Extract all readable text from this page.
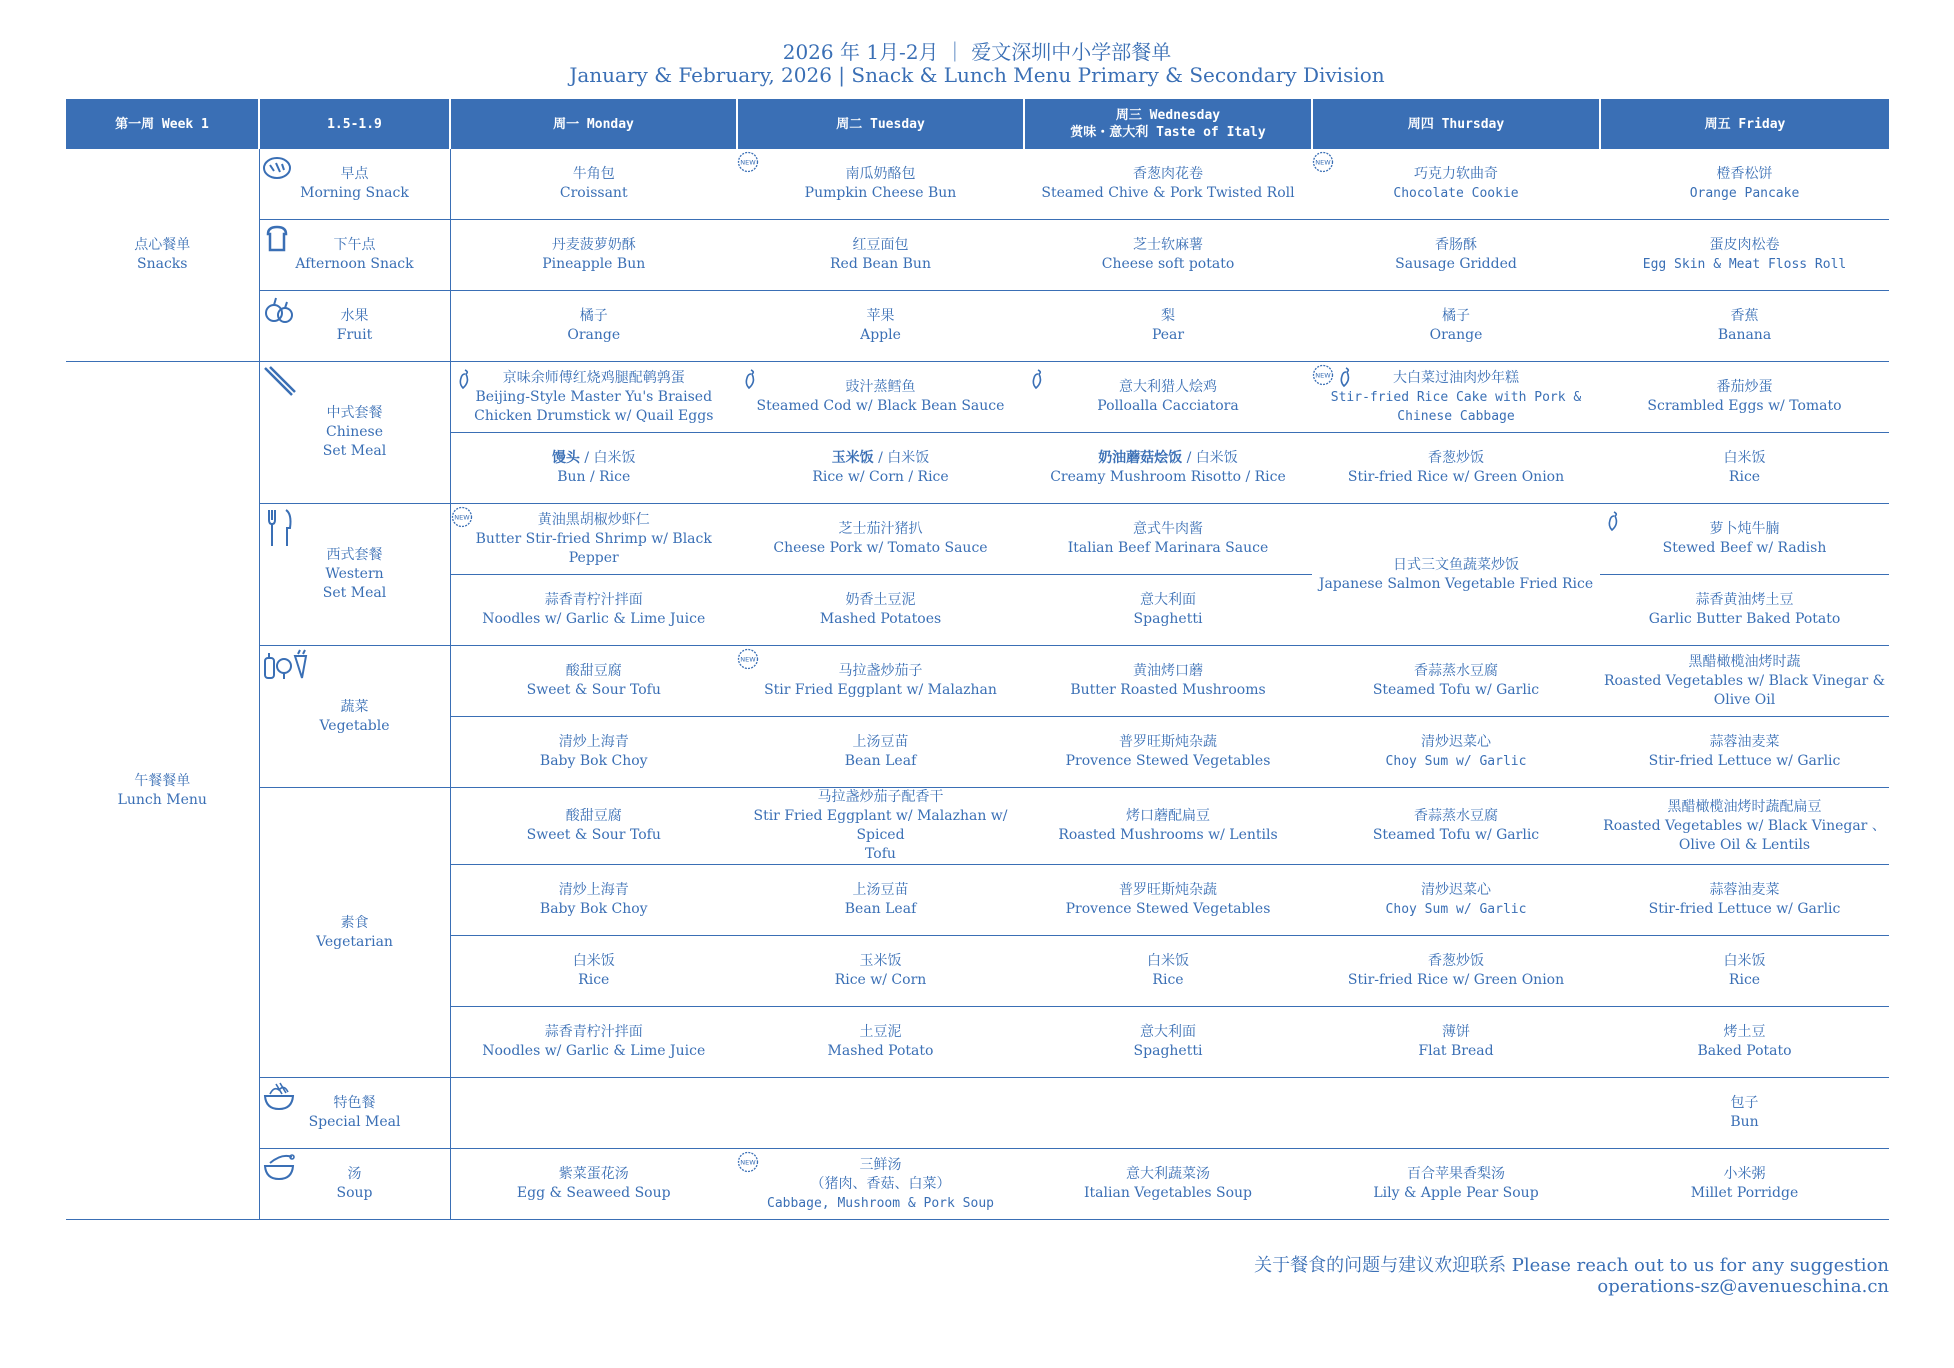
2026 年 1月-2月 ｜ 爱文深圳中小学部餐单
January & February, 2026 | Snack & Lunch Menu Primary & Secondary Division
第一周 Week 1	1.5-1.9	周一 Monday	周二 Tuesday	周三 Wednesday
赏味・意大利 Taste of Italy	周四 Thursday	周五 Friday

点心餐单
Snacks	早点
Morning Snack	牛角包
Croissant	NEW
南瓜奶酪包
Pumpkin Cheese Bun	香葱肉花卷
Steamed Chive & Pork Twisted Roll	NEW
巧克力软曲奇
Chocolate Cookie	橙香松饼
Orange Pancake

	下午点
Afternoon Snack	丹麦菠萝奶酥
Pineapple Bun	红豆面包
Red Bean Bun	芝士软麻薯
Cheese soft potato	香肠酥
Sausage Gridded	蛋皮肉松卷
Egg Skin & Meat Floss Roll

	水果
Fruit	橘子
Orange	苹果
Apple	梨
Pear	橘子
Orange	香蕉
Banana

午餐餐单
Lunch Menu	中式套餐
Chinese
Set Meal	京味余师傅红烧鸡腿配鹌鹑蛋
Beijing-Style Master Yu's Braised
Chicken Drumstick w/ Quail Eggs	豉汁蒸鳕鱼
Steamed Cod w/ Black Bean Sauce	意大利猎人烩鸡
Polloalla Cacciatora	NEW 大白菜过油肉炒年糕
Stir-fried Rice Cake with Pork &
Chinese Cabbage	番茄炒蛋
Scrambled Eggs w/ Tomato

		馒头 / 白米饭
Bun / Rice	玉米饭 / 白米饭
Rice w/ Corn / Rice	奶油蘑菇烩饭 / 白米饭
Creamy Mushroom Risotto / Rice	香葱炒饭
Stir-fried Rice w/ Green Onion	白米饭
Rice

	西式套餐
Western
Set Meal	NEW 黄油黑胡椒炒虾仁
Butter Stir-fried Shrimp w/ Black Pepper	芝士茄汁猪扒
Cheese Pork w/ Tomato Sauce	意式牛肉酱
Italian Beef Marinara Sauce	日式三文鱼蔬菜炒饭
Japanese Salmon Vegetable Fried Rice	萝卜炖牛腩
Stewed Beef w/ Radish

		蒜香青柠汁拌面
Noodles w/ Garlic & Lime Juice	奶香土豆泥
Mashed Potatoes	意大利面
Spaghetti		蒜香黄油烤土豆
Garlic Butter Baked Potato

	蔬菜
Vegetable	酸甜豆腐
Sweet & Sour Tofu	NEW
马拉盏炒茄子
Stir Fried Eggplant w/ Malazhan	黄油烤口蘑
Butter Roasted Mushrooms	香蒜蒸水豆腐
Steamed Tofu w/ Garlic	黑醋橄榄油烤时蔬
Roasted Vegetables w/ Black Vinegar &
Olive Oil

		清炒上海青
Baby Bok Choy	上汤豆苗
Bean Leaf	普罗旺斯炖杂蔬
Provence Stewed Vegetables	清炒迟菜心
Choy Sum w/ Garlic	蒜蓉油麦菜
Stir-fried Lettuce w/ Garlic

	素食
Vegetarian	酸甜豆腐
Sweet & Sour Tofu	马拉盏炒茄子配香干
Stir Fried Eggplant w/ Malazhan w/ Spiced
Tofu	烤口蘑配扁豆
Roasted Mushrooms w/ Lentils	香蒜蒸水豆腐
Steamed Tofu w/ Garlic	黑醋橄榄油烤时蔬配扁豆
Roasted Vegetables w/ Black Vinegar 、
Olive Oil & Lentils

		清炒上海青
Baby Bok Choy	上汤豆苗
Bean Leaf	普罗旺斯炖杂蔬
Provence Stewed Vegetables	清炒迟菜心
Choy Sum w/ Garlic	蒜蓉油麦菜
Stir-fried Lettuce w/ Garlic

		白米饭
Rice	玉米饭
Rice w/ Corn	白米饭
Rice	香葱炒饭
Stir-fried Rice w/ Green Onion	白米饭
Rice

		蒜香青柠汁拌面
Noodles w/ Garlic & Lime Juice	土豆泥
Mashed Potato	意大利面
Spaghetti	薄饼
Flat Bread	烤土豆
Baked Potato

	特色餐
Special Meal					包子
Bun

	汤
Soup	紫菜蛋花汤
Egg & Seaweed Soup	NEW 三鲜汤
（猪肉、香菇、白菜）
Cabbage, Mushroom & Pork Soup	意大利蔬菜汤
Italian Vegetables Soup	百合苹果香梨汤
Lily & Apple Pear Soup	小米粥
Millet Porridge
关于餐食的问题与建议欢迎联系 Please reach out to us for any suggestion
operations-sz@avenueschina.cn
